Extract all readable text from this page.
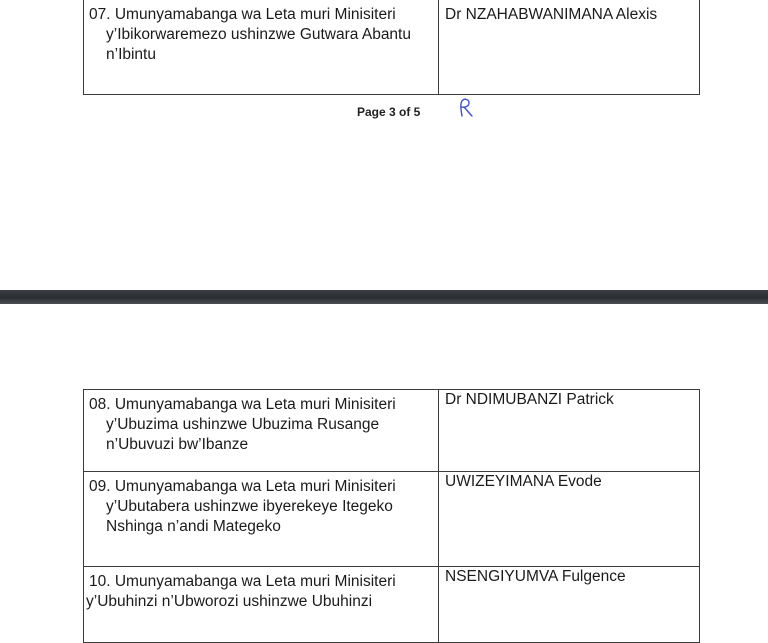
07. Umunyamabanga wa Leta muri Minisiteri
y’Ibikorwaremezo ushinzwe Gutwara Abantu
n’Ibintu
	Dr NZAHABWANIMANA Alexis
Page 3 of 5
08. Umunyamabanga wa Leta muri Minisiteri
y’Ubuzima ushinzwe Ubuzima Rusange
n’Ubuvuzi bw’Ibanze	Dr NDIMUBANZI Patrick

09. Umunyamabanga wa Leta muri Minisiteri
y’Ubutabera ushinzwe ibyerekeye Itegeko
Nshinga n’andi Mategeko	UWIZEYIMANA Evode

10. Umunyamabanga wa Leta muri Minisiteri
y’Ubuhinzi n’Ubworozi ushinzwe Ubuhinzi	NSENGIYUMVA Fulgence
